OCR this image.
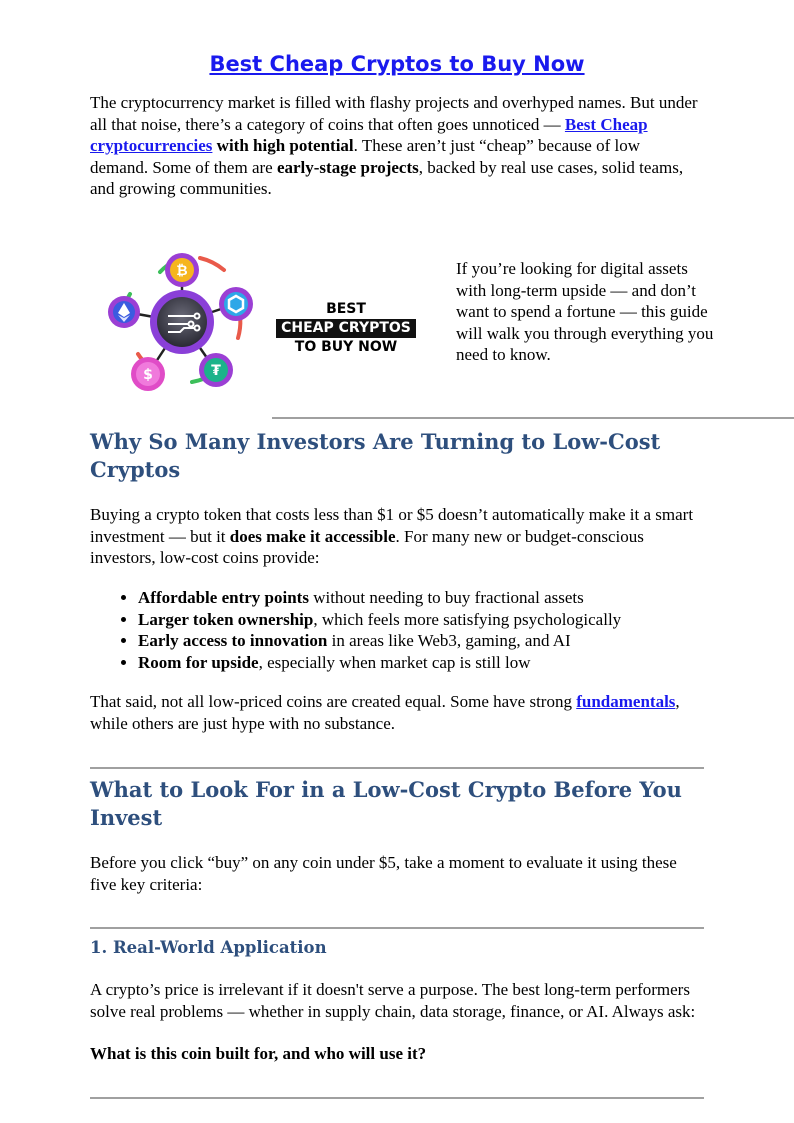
Best Cheap Cryptos to Buy Now

The cryptocurrency market is filled with flashy projects and overhyped names. But under all that noise, there’s a category of coins that often goes unnoticed — Best Cheap cryptocurrencies with high potential. These aren’t just “cheap” because of low demand. Some of them are early-stage projects, backed by real use cases, solid teams, and growing communities.

₿
₮
$
BEST
CHEAP CRYPTOS
TO BUY NOW

If you’re looking for digital assets with long-term upside — and don’t want to spend a fortune — this guide will walk you through everything you need to know.

Why So Many Investors Are Turning to Low-Cost Cryptos

Buying a crypto token that costs less than $1 or $5 doesn’t automatically make it a smart investment — but it does make it accessible. For many new or budget-conscious investors, low-cost coins provide:

• Affordable entry points without needing to buy fractional assets
• Larger token ownership, which feels more satisfying psychologically
• Early access to innovation in areas like Web3, gaming, and AI
• Room for upside, especially when market cap is still low

That said, not all low-priced coins are created equal. Some have strong fundamentals, while others are just hype with no substance.

What to Look For in a Low-Cost Crypto Before You Invest

Before you click “buy” on any coin under $5, take a moment to evaluate it using these five key criteria:

1. Real-World Application

A crypto’s price is irrelevant if it doesn't serve a purpose. The best long-term performers solve real problems — whether in supply chain, data storage, finance, or AI. Always ask:

What is this coin built for, and who will use it?
